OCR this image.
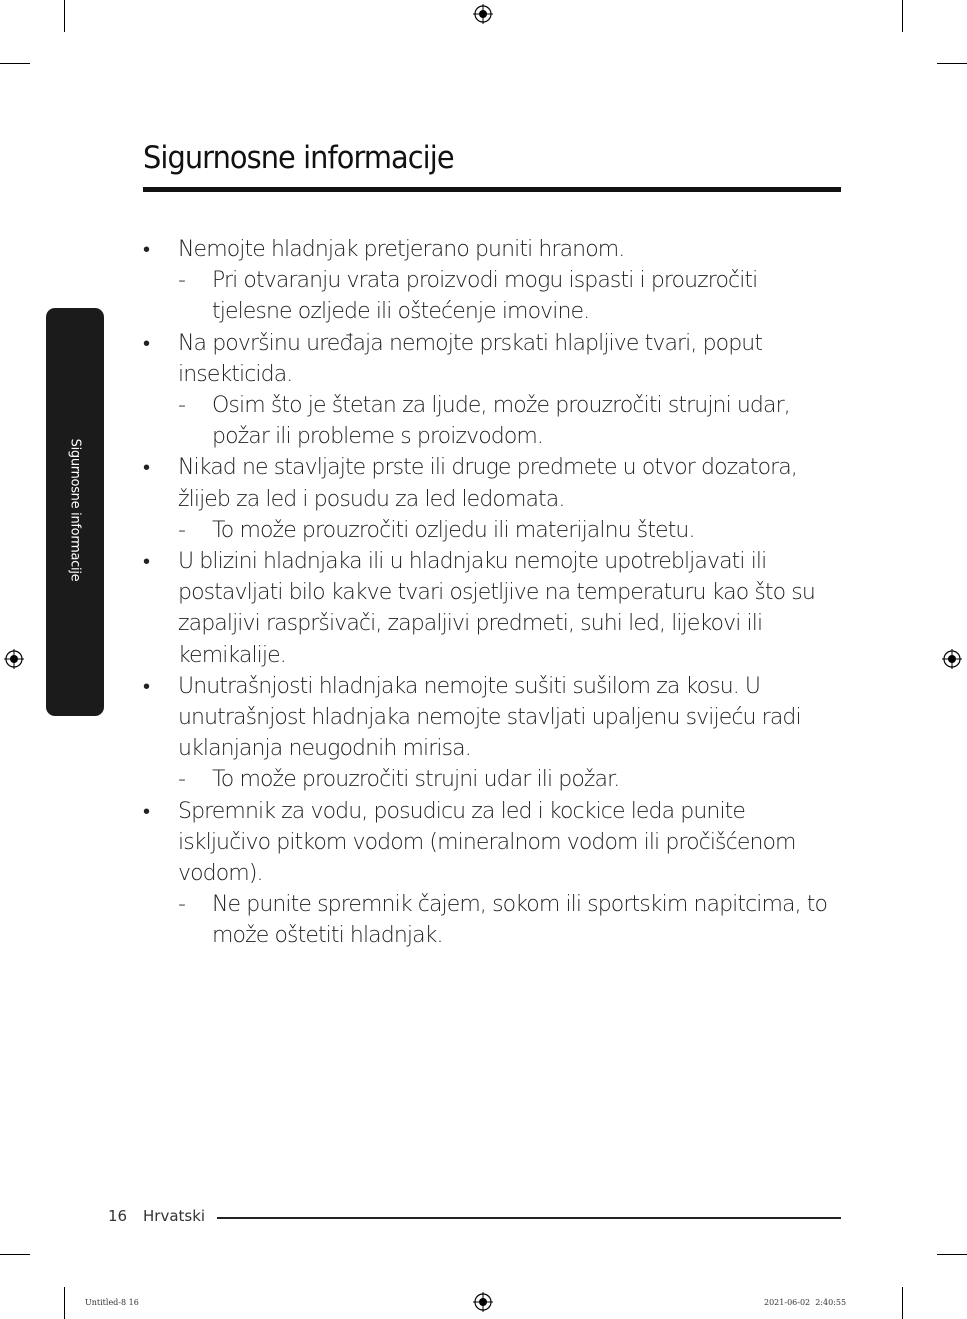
Sigurnosne informacije
Sigurnosne informacije
• Nemojte hladnjak pretjerano puniti hranom.
- Pri otvaranju vrata proizvodi mogu ispasti i prouzročiti tjelesne ozljede ili oštećenje imovine.
• Na površinu uređaja nemojte prskati hlapljive tvari, poput insekticida.
- Osim što je štetan za ljude, može prouzročiti strujni udar, požar ili probleme s proizvodom.
• Nikad ne stavljajte prste ili druge predmete u otvor dozatora, žlijeb za led i posudu za led ledomata.
- To može prouzročiti ozljedu ili materijalnu štetu.
• U blizini hladnjaka ili u hladnjaku nemojte upotrebljavati ili postavljati bilo kakve tvari osjetljive na temperaturu kao što su zapaljivi raspršivači, zapaljivi predmeti, suhi led, lijekovi ili kemikalije.
• Unutrašnjosti hladnjaka nemojte sušiti sušilom za kosu. U unutrašnjost hladnjaka nemojte stavljati upaljenu svijeću radi uklanjanja neugodnih mirisa.
- To može prouzročiti strujni udar ili požar.
• Spremnik za vodu, posudicu za led i kockice leda punite isključivo pitkom vodom (mineralnom vodom ili pročišćenom vodom).
- Ne punite spremnik čajem, sokom ili sportskim napitcima, to može oštetiti hladnjak.
16 Hrvatski
Untitled-8 16	2021-06-02 ￼￼ 2:40:55
